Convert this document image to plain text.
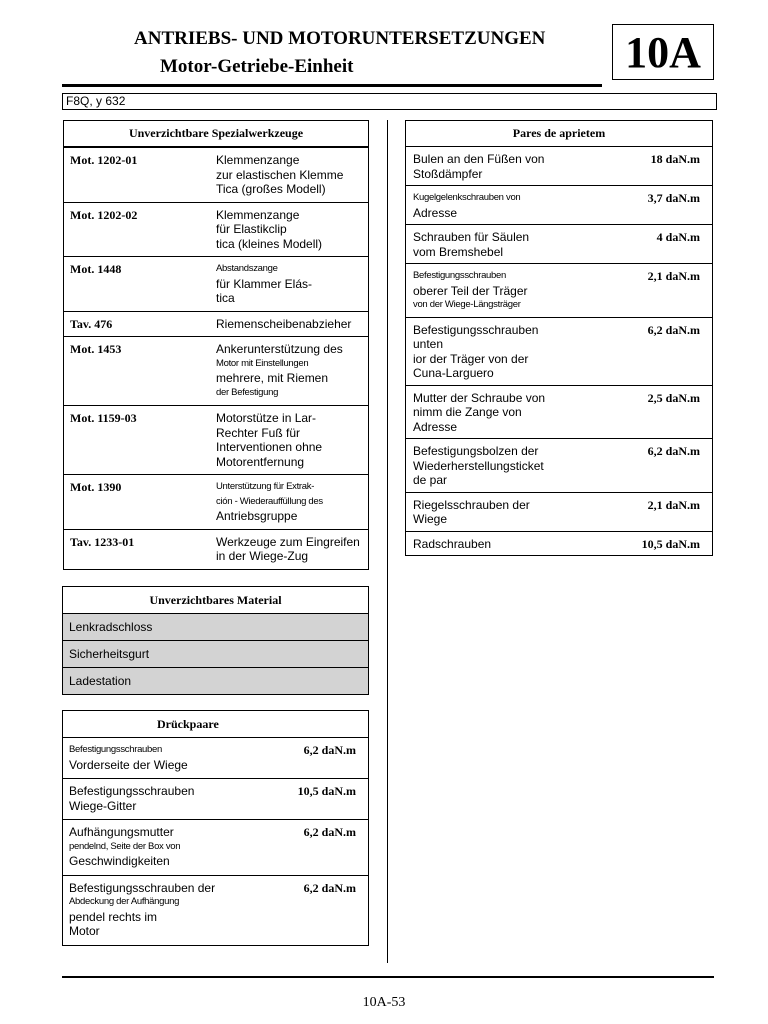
ANTRIEBS- UND MOTORUNTERSETZUNGEN
Motor-Getriebe-Einheit	10A
F8Q, y 632
Unverzichtbare Spezialwerkzeuge	
Mot. 1202-01	Klemmenzange
zur elastischen Klemme
Tica (großes Modell)

Mot. 1202-02	Klemmenzange
für Elastikclip
tica (kleines Modell)

Mot. 1448	Abstandszange
für Klammer Elás-
tica

Tav. 476	Riemenscheibenabzieher

Mot. 1453	Ankerunterstützung des
Motor mit Einstellungen
mehrere, mit Riemen
der Befestigung

Mot. 1159-03	Motorstütze in Lar-
Rechter Fuß für
Interventionen ohne
Motorentfernung

Mot. 1390	Unterstützung für Extrak-
ción - Wiederauffüllung des
Antriebsgruppe

Tav. 1233-01	Werkzeuge zum Eingreifen
in der Wiege-Zug
Unverzichtbares Material
Lenkradschloss
Sicherheitsgurt
Ladestation
Drückpaare	

Befestigungsschrauben
Vorderseite der Wiege	6,2 daN.m

Befestigungsschrauben
Wiege-Gitter	10,5 daN.m

Aufhängungsmutter
pendelnd, Seite der Box von
Geschwindigkeiten	6,2 daN.m

Befestigungsschrauben der
Abdeckung der Aufhängung
pendel rechts im
Motor	6,2 daN.m
Pares de aprietem	

Bulen an den Füßen von
Stoßdämpfer	18 daN.m

Kugelgelenkschrauben von
Adresse	3,7 daN.m

Schrauben für Säulen
vom Bremshebel	4 daN.m

Befestigungsschrauben
oberer Teil der Träger
von der Wiege-Längsträger	2,1 daN.m

Befestigungsschrauben unten
ior der Träger von der
Cuna-Larguero	6,2 daN.m

Mutter der Schraube von
nimm die Zange von
Adresse	2,5 daN.m

Befestigungsbolzen der
Wiederherstellungsticket
de par	6,2 daN.m

Riegelsschrauben der
Wiege	2,1 daN.m

Radschrauben	10,5 daN.m
10A-53
